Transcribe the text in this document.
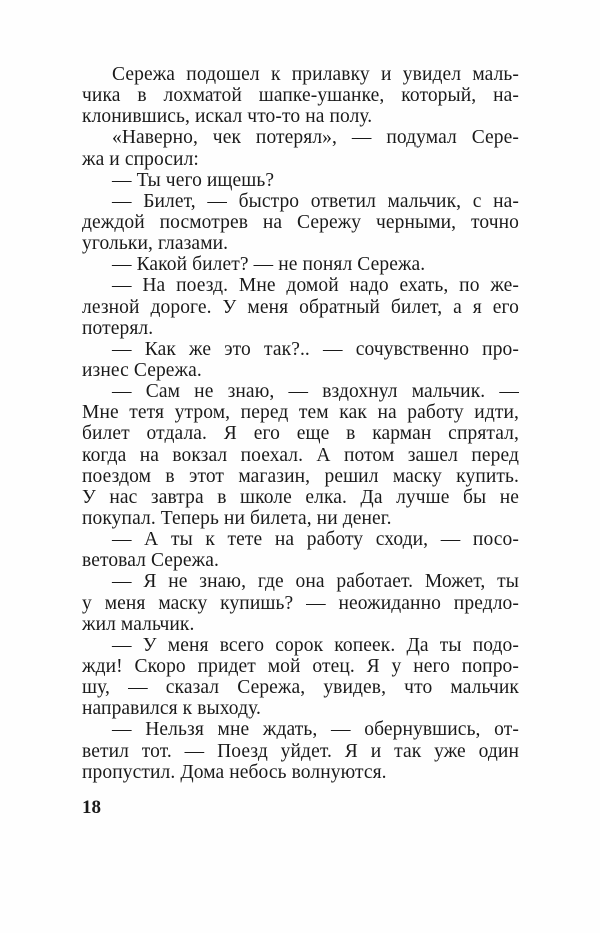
Сережа подошел к прилавку и увидел маль-
чика в лохматой шапке-ушанке, который, на-
клонившись, искал что-то на полу.
«Наверно, чек потерял», — подумал Сере-
жа и спросил:
— Ты чего ищешь?
— Билет, — быстро ответил мальчик, с на-
деждой посмотрев на Сережу черными, точно
угольки, глазами.
— Какой билет? — не понял Сережа.
— На поезд. Мне домой надо ехать, по же-
лезной дороге. У меня обратный билет, а я его
потерял.
— Как же это так?.. — сочувственно про-
изнес Сережа.
— Сам не знаю, — вздохнул мальчик. —
Мне тетя утром, перед тем как на работу идти,
билет отдала. Я его еще в карман спрятал,
когда на вокзал поехал. А потом зашел перед
поездом в этот магазин, решил маску купить.
У нас завтра в школе елка. Да лучше бы не
покупал. Теперь ни билета, ни денег.
— А ты к тете на работу сходи, — посо-
ветовал Сережа.
— Я не знаю, где она работает. Может, ты
у меня маску купишь? — неожиданно предло-
жил мальчик.
— У меня всего сорок копеек. Да ты подо-
жди! Скоро придет мой отец. Я у него попро-
шу, — сказал Сережа, увидев, что мальчик
направился к выходу.
— Нельзя мне ждать, — обернувшись, от-
ветил тот. — Поезд уйдет. Я и так уже один
пропустил. Дома небось волнуются.
18
